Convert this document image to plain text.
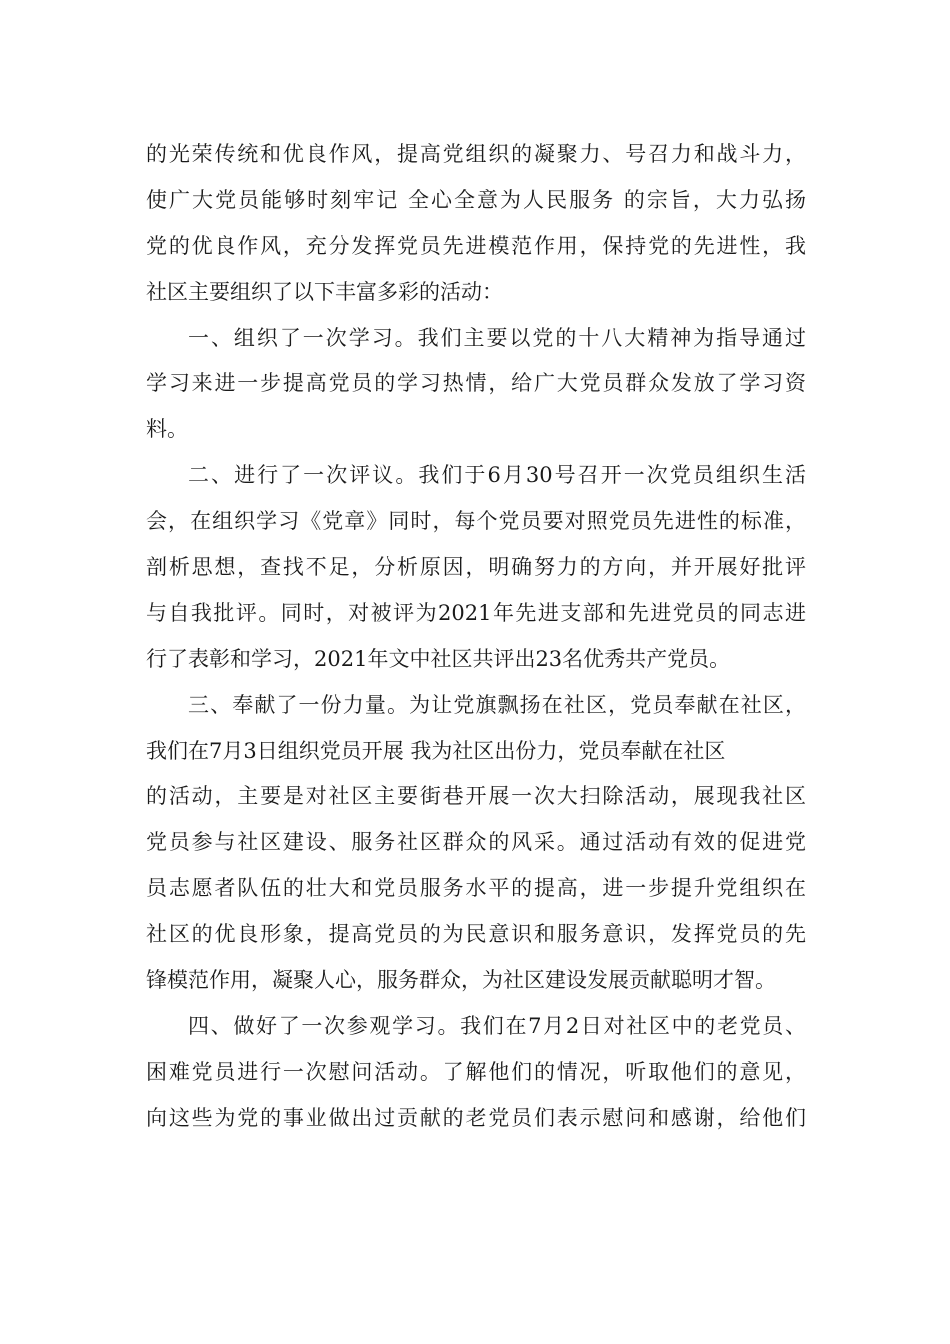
的光荣传统和优良作风，提高党组织的凝聚力、号召力和战斗力，
使广大党员能够时刻牢记 全心全意为人民服务 的宗旨，大力弘扬
党的优良作风，充分发挥党员先进模范作用，保持党的先进性，我
社区主要组织了以下丰富多彩的活动：
一、组织了一次学习。我们主要以党的十八大精神为指导通过
学习来进一步提高党员的学习热情，给广大党员群众发放了学习资
料。
二、进行了一次评议。我们于6月30号召开一次党员组织生活
会，在组织学习《党章》同时，每个党员要对照党员先进性的标准，
剖析思想，查找不足，分析原因，明确努力的方向，并开展好批评
与自我批评。同时，对被评为2021年先进支部和先进党员的同志进
行了表彰和学习，2021年文中社区共评出23名优秀共产党员。
三、奉献了一份力量。为让党旗飘扬在社区，党员奉献在社区，
我们在7月3日组织党员开展 我为社区出份力，党员奉献在社区
的活动，主要是对社区主要街巷开展一次大扫除活动，展现我社区
党员参与社区建设、服务社区群众的风采。通过活动有效的促进党
员志愿者队伍的壮大和党员服务水平的提高，进一步提升党组织在
社区的优良形象，提高党员的为民意识和服务意识，发挥党员的先
锋模范作用，凝聚人心，服务群众，为社区建设发展贡献聪明才智。
四、做好了一次参观学习。我们在7月2日对社区中的老党员、
困难党员进行一次慰问活动。了解他们的情况，听取他们的意见，
向这些为党的事业做出过贡献的老党员们表示慰问和感谢，给他们
